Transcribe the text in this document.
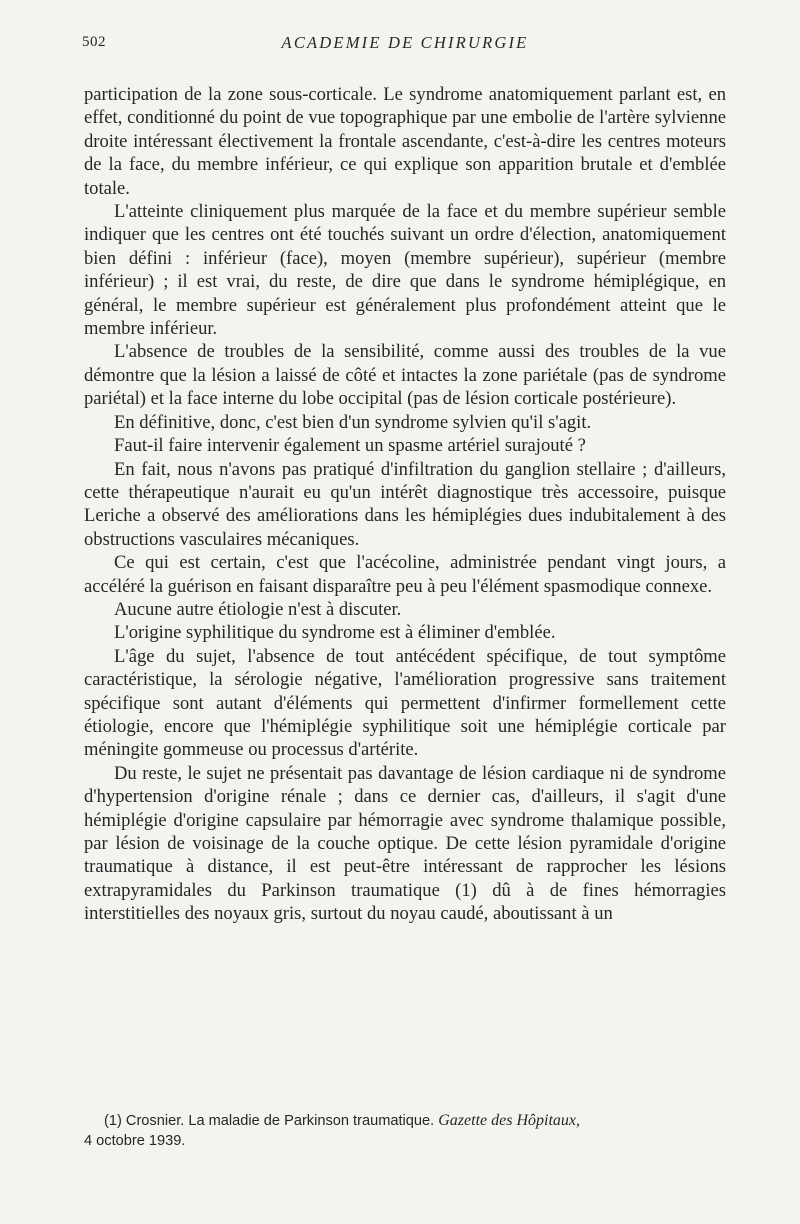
502	ACADEMIE DE CHIRURGIE

participation de la zone sous-corticale. Le syndrome anatomiquement parlant est, en effet, conditionné du point de vue topographique par une embolie de l'artère sylvienne droite intéressant électivement la frontale ascendante, c'est-à-dire les centres moteurs de la face, du membre inférieur, ce qui explique son apparition brutale et d'emblée totale.

L'atteinte cliniquement plus marquée de la face et du membre supérieur semble indiquer que les centres ont été touchés suivant un ordre d'élection, anatomiquement bien défini : inférieur (face), moyen (membre supérieur), supérieur (membre inférieur) ; il est vrai, du reste, de dire que dans le syndrome hémiplégique, en général, le membre supérieur est généralement plus profondément atteint que le membre inférieur.

L'absence de troubles de la sensibilité, comme aussi des troubles de la vue démontre que la lésion a laissé de côté et intactes la zone pariétale (pas de syndrome pariétal) et la face interne du lobe occipital (pas de lésion corticale postérieure).

En définitive, donc, c'est bien d'un syndrome sylvien qu'il s'agit.

Faut-il faire intervenir également un spasme artériel surajouté ?

En fait, nous n'avons pas pratiqué d'infiltration du ganglion stellaire ; d'ailleurs, cette thérapeutique n'aurait eu qu'un intérêt diagnostique très accessoire, puisque Leriche a observé des améliorations dans les hémiplégies dues indubitalement à des obstructions vasculaires mécaniques.

Ce qui est certain, c'est que l'acécoline, administrée pendant vingt jours, a accéléré la guérison en faisant disparaître peu à peu l'élément spasmodique connexe.

Aucune autre étiologie n'est à discuter.

L'origine syphilitique du syndrome est à éliminer d'emblée.

L'âge du sujet, l'absence de tout antécédent spécifique, de tout symptôme caractéristique, la sérologie négative, l'amélioration progressive sans traitement spécifique sont autant d'éléments qui permettent d'infirmer formellement cette étiologie, encore que l'hémiplégie syphilitique soit une hémiplégie corticale par méningite gommeuse ou processus d'artérite.

Du reste, le sujet ne présentait pas davantage de lésion cardiaque ni de syndrome d'hypertension d'origine rénale ; dans ce dernier cas, d'ailleurs, il s'agit d'une hémiplégie d'origine capsulaire par hémorragie avec syndrome thalamique possible, par lésion de voisinage de la couche optique. De cette lésion pyramidale d'origine traumatique à distance, il est peut-être intéressant de rapprocher les lésions extrapyramidales du Parkinson traumatique (1) dû à de fines hémorragies interstitielles des noyaux gris, surtout du noyau caudé, aboutissant à un

(1) Crosnier. La maladie de Parkinson traumatique. Gazette des Hôpitaux,
4 octobre 1939.
